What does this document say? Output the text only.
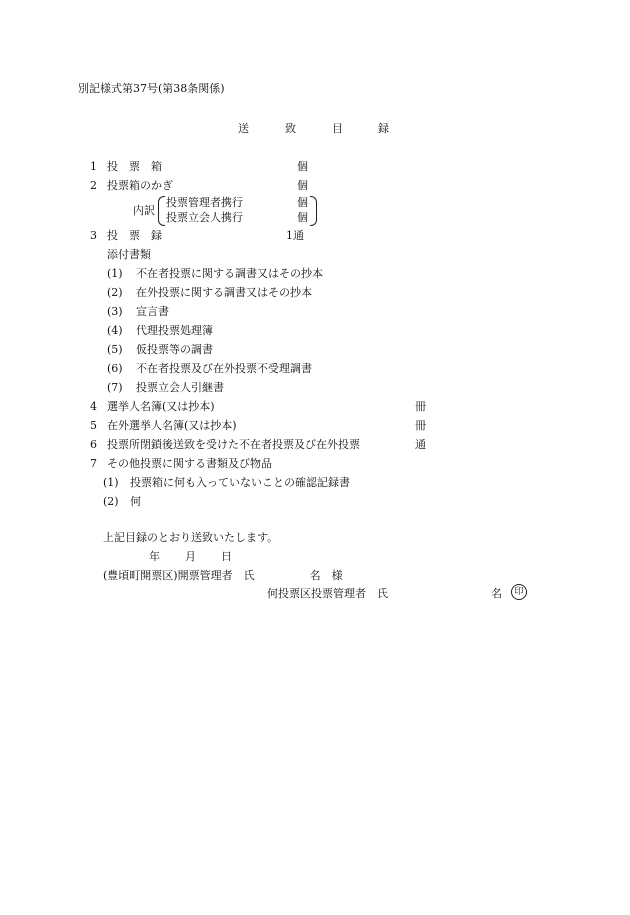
別記様式第37号(第38条関係)
送	致	目	録
1 投　票　箱	個
2 投票箱のかぎ	個
内訳
投票管理者携行	個
投票立会人携行	個
3 投　票　録	1通
添付書類
(1) 不在者投票に関する調書又はその抄本
(2) 在外投票に関する調書又はその抄本
(3) 宣言書
(4) 代理投票処理簿
(5) 仮投票等の調書
(6) 不在者投票及び在外投票不受理調書
(7) 投票立会人引継書
4 選挙人名簿(又は抄本)	冊
5 在外選挙人名簿(又は抄本)	冊
6 投票所閉鎖後送致を受けた不在者投票及び在外投票	通
7 その他投票に関する書類及び物品
(1) 投票箱に何も入っていないことの確認記録書
(2) 何
上記目録のとおり送致いたします。
年 月 日
(豊頃町開票区)開票管理者　氏　　　　　名　様
何投票区投票管理者　氏	名	印
